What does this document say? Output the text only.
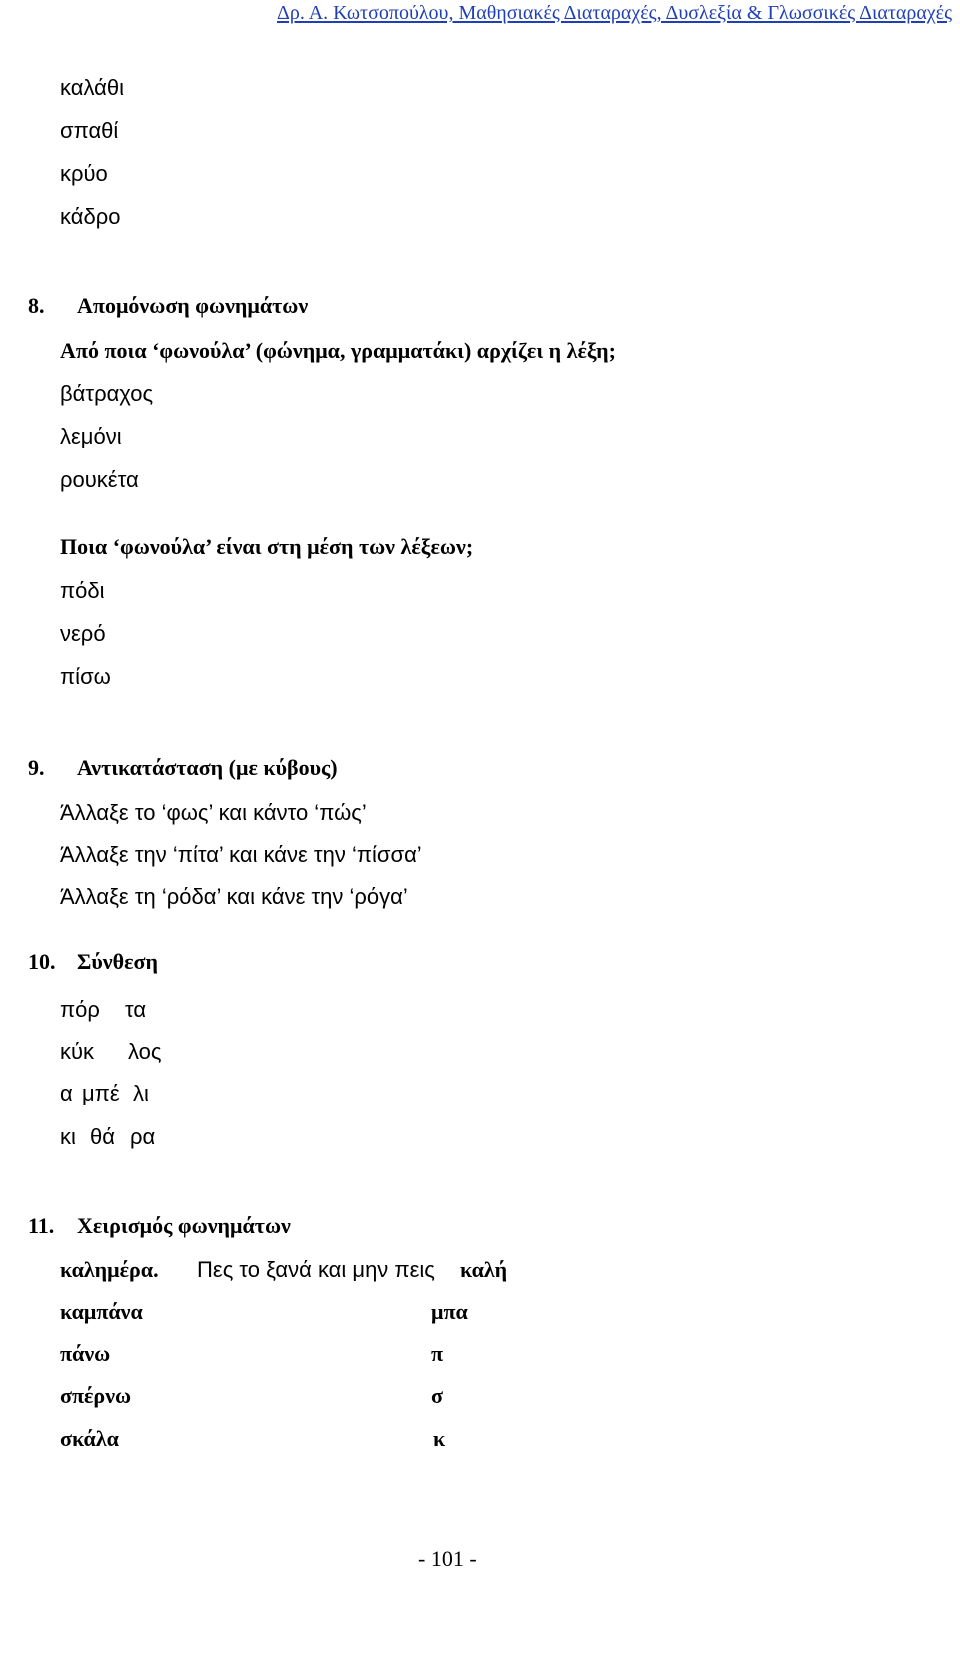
Δρ. Α. Κωτσοπούλου, Μαθησιακές Διαταραχές, Δυσλεξία & Γλωσσικές Διαταραχές
καλάθι
σπαθί
κρύο
κάδρο
8. Απομόνωση φωνημάτων
Από ποια ‘φωνούλα’ (φώνημα, γραμματάκι) αρχίζει η λέξη;
βάτραχος
λεμόνι
ρουκέτα
Ποια ‘φωνούλα’ είναι στη μέση των λέξεων;
πόδι
νερό
πίσω
9. Αντικατάσταση (με κύβους)
Άλλαξε το ‘φως’ και κάντο ‘πώς’
Άλλαξε την ‘πίτα’ και κάνε την ‘πίσσα’
Άλλαξε τη ‘ρόδα’ και κάνε την ‘ρόγα’
10. Σύνθεση
πόρ τα
κύκ λος
α μπέ λι
κι θά ρα
11. Χειρισμός φωνημάτων
καλημέρα. Πες το ξανά και μην πεις καλή
καμπάνα	μπα
πάνω	π
σπέρνω	σ
σκάλα	κ
- 101 -
